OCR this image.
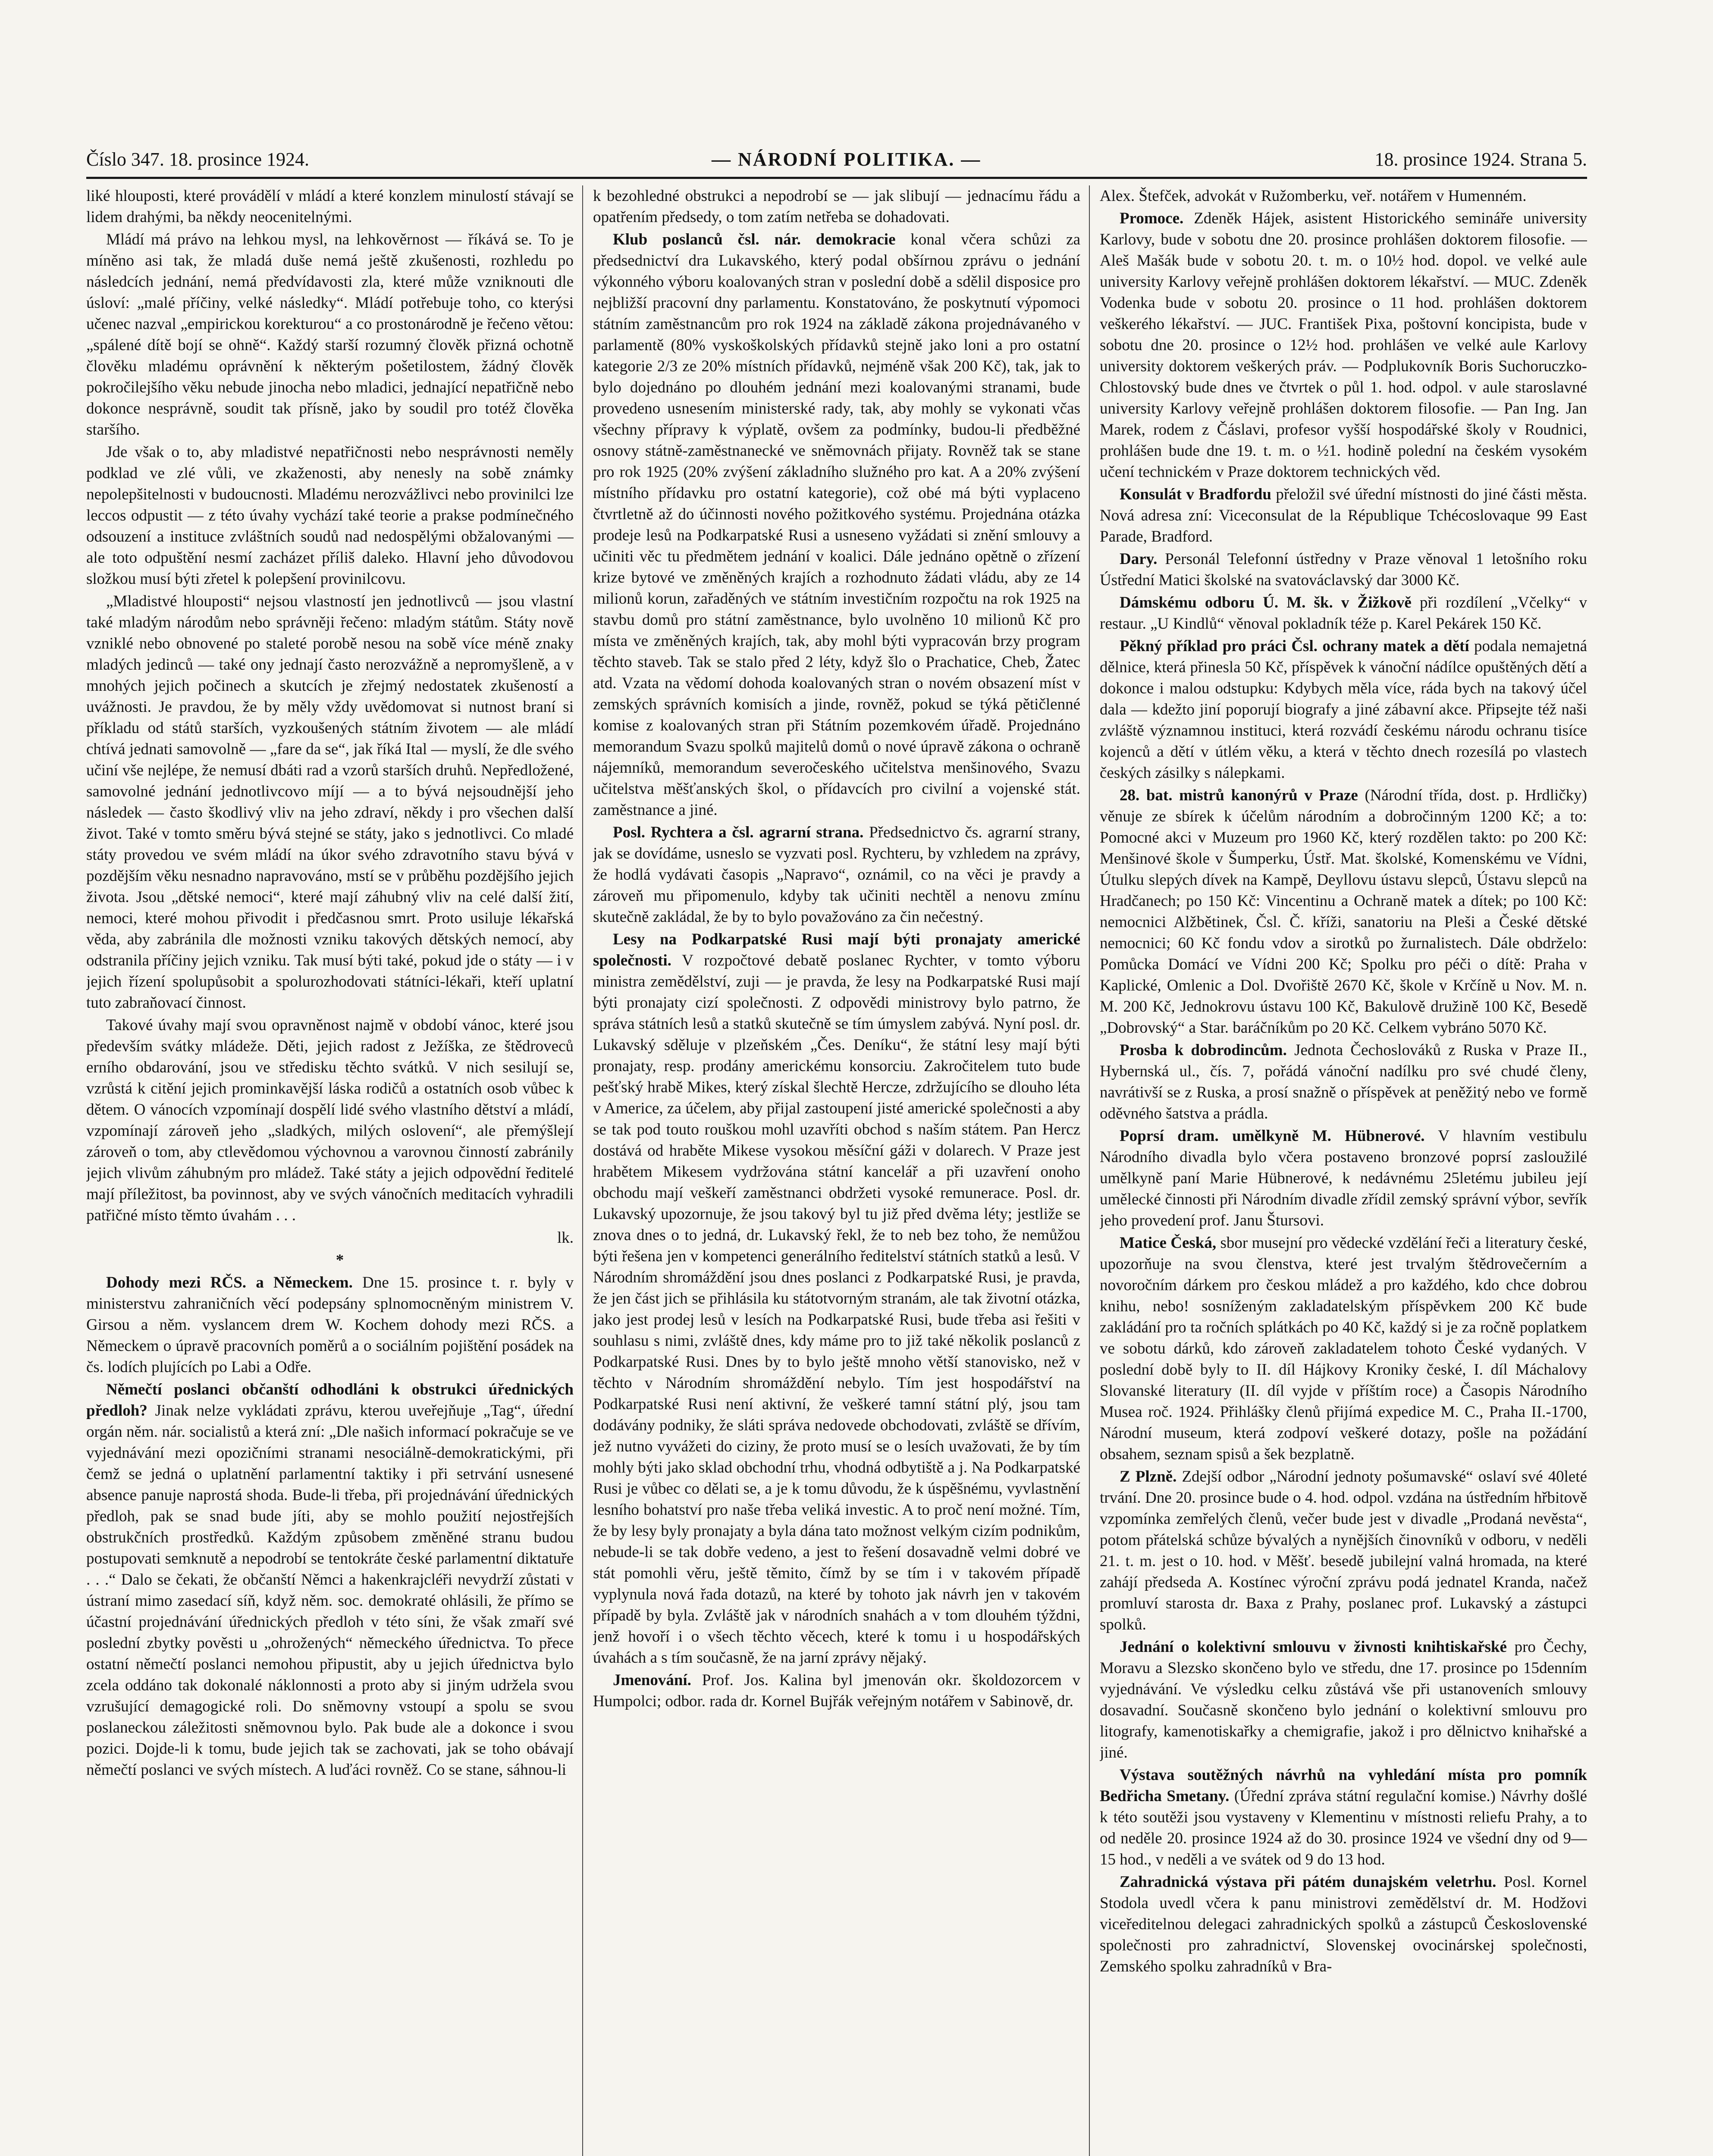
Číslo 347. 18. prosince 1924.	— NÁRODNÍ POLITIKA. —	18. prosince 1924. Strana 5.

liké hlouposti, které provádělí v mládí a které konzlem minulostí stávají se lidem drahými, ba někdy neocenitelnými.

Mládí má právo na lehkou mysl, na lehkověrnost — říkává se. To je míněno asi tak, že mladá duše nemá ještě zkušenosti, rozhledu po následcích jednání, nemá předvídavosti zla, které může vzniknouti dle úsloví: „malé příčiny, velké následky“. Mládí potřebuje toho, co kterýsi učenec nazval „empirickou korekturou“ a co prostonárodně je řečeno větou: „spálené dítě bojí se ohně“. Každý starší rozumný člověk přizná ochotně člověku mladému oprávnění k některým pošetilostem, žádný člověk pokročilejšího věku nebude jinocha nebo mladici, jednající nepatřičně nebo dokonce nesprávně, soudit tak přísně, jako by soudil pro totéž člověka staršího.

Jde však o to, aby mladistvé nepatřičnosti nebo nesprávnosti neměly podklad ve zlé vůli, ve zkaženosti, aby nenesly na sobě známky nepolepšitelnosti v budoucnosti. Mladému nerozvážlivci nebo provinilci lze leccos odpustit — z této úvahy vychází také teorie a prakse podmínečného odsouzení a instituce zvláštních soudů nad nedospělými obžalovanými — ale toto odpuštění nesmí zacházet příliš daleko. Hlavní jeho důvodovou složkou musí býti zřetel k polepšení provinilcovu.

„Mladistvé hlouposti“ nejsou vlastností jen jednotlivců — jsou vlastní také mladým národům nebo správněji řečeno: mladým státům. Státy nově vzniklé nebo obnovené po staleté porobě nesou na sobě více méně znaky mladých jedinců — také ony jednají často nerozvážně a nepromyšleně, a v mnohých jejich počinech a skutcích je zřejmý nedostatek zkušeností a uvážnosti. Je pravdou, že by měly vždy uvědomovat si nutnost braní si příkladu od států starších, vyzkoušených státním životem — ale mládí chtívá jednati samovolně — „fare da se“, jak říká Ital — myslí, že dle svého učiní vše nejlépe, že nemusí dbáti rad a vzorů starších druhů. Nepředložené, samovolné jednání jednotlivcovo míjí — a to bývá nejsoudnější jeho následek — často škodlivý vliv na jeho zdraví, někdy i pro všechen další život. Také v tomto směru bývá stejné se státy, jako s jednotlivci. Co mladé státy provedou ve svém mládí na úkor svého zdravotního stavu bývá v pozdějším věku nesnadno napravováno, mstí se v průběhu pozdějšího jejich života. Jsou „dětské nemoci“, které mají záhubný vliv na celé další žití, nemoci, které mohou přivodit i předčasnou smrt. Proto usiluje lékařská věda, aby zabránila dle možnosti vzniku takových dětských nemocí, aby odstranila příčiny jejich vzniku. Tak musí býti také, pokud jde o státy — i v jejich řízení spolupůsobit a spolurozhodovati státníci-lékaři, kteří uplatní tuto zabraňovací činnost.

Takové úvahy mají svou opravněnost najmě v období vánoc, které jsou především svátky mládeže. Děti, jejich radost z Ježíška, ze štědroveců erního obdarování, jsou ve středisku těchto svátků. V nich sesilují se, vzrůstá k citění jejich prominkavější láska rodičů a ostatních osob vůbec k dětem. O vánocích vzpomínají dospělí lidé svého vlastního dětství a mládí, vzpomínají zároveň jeho „sladkých, milých oslovení“, ale přemýšlejí zároveň o tom, aby ctlevědomou výchovnou a varovnou činností zabránily jejich vlivům záhubným pro mládež. Také státy a jejich odpovědní ředitelé mají příležitost, ba povinnost, aby ve svých vánočních meditacích vyhradili patřičné místo těmto úvahám . . .

lk.

*

Dohody mezi RČS. a Německem. Dne 15. prosince t. r. byly v ministerstvu zahraničních věcí podepsány splnomocněným ministrem V. Girsou a něm. vyslancem drem W. Kochem dohody mezi RČS. a Německem o úpravě pracovních poměrů a o sociálním pojištění posádek na čs. lodích plujících po Labi a Odře.

Němečtí poslanci občanští odhodláni k obstrukci úřednických předloh? Jinak nelze vykládati zprávu, kterou uveřejňuje „Tag“, úřední orgán něm. nár. socialistů a která zní: „Dle našich informací pokračuje se ve vyjednávání mezi opozičními stranami nesociálně-demokratickými, při čemž se jedná o uplatnění parlamentní taktiky i při setrvání usnesené absence panuje naprostá shoda. Bude-li třeba, při projednávání úřednických předloh, pak se snad bude jíti, aby se mohlo použití nejostřejších obstrukčních prostředků. Každým způsobem změněné stranu budou postupovati semknutě a nepodrobí se tentokráte české parlamentní diktatuře . . .“ Dalo se čekati, že občanští Němci a hakenkrajcléři nevydrží zůstati v ústraní mimo zasedací síň, když něm. soc. demokraté ohlásili, že přímo se účastní projednávání úřednických předloh v této síni, že však zmaří své poslední zbytky pověsti u „ohrožených“ německého úřednictva. To přece ostatní němečtí poslanci nemohou připustit, aby u jejich úřednictva bylo zcela oddáno tak dokonalé náklonnosti a proto aby si jiným udržela svou vzrušující demagogické roli. Do sněmovny vstoupí a spolu se svou poslaneckou záležitosti sněmovnou bylo. Pak bude ale a dokonce i svou pozici. Dojde-li k tomu, bude jejich tak se zachovati, jak se toho obávají němečtí poslanci ve svých místech. A luďáci rovněž. Co se stane, sáhnou-li

k bezohledné obstrukci a nepodrobí se — jak slibují — jednacímu řádu a opatřením předsedy, o tom zatím netřeba se dohadovati.

Klub poslanců čsl. nár. demokracie konal včera schůzi za předsednictví dra Lukavského, který podal obšírnou zprávu o jednání výkonného výboru koalovaných stran v poslední době a sdělil disposice pro nejbližší pracovní dny parlamentu. Konstatováno, že poskytnutí výpomoci státním zaměstnancům pro rok 1924 na základě zákona projednávaného v parlamentě (80% vyskoškolských přídavků stejně jako loni a pro ostatní kategorie 2/3 ze 20% místních přídavků, nejméně však 200 Kč), tak, jak to bylo dojednáno po dlouhém jednání mezi koalovanými stranami, bude provedeno usnesením ministerské rady, tak, aby mohly se vykonati včas všechny přípravy k výplatě, ovšem za podmínky, budou-li předběžné osnovy státně-zaměstnanecké ve sněmovnách přijaty. Rovněž tak se stane pro rok 1925 (20% zvýšení základního služného pro kat. A a 20% zvýšení místního přídavku pro ostatní kategorie), což obé má býti vyplaceno čtvrtletně až do účinnosti nového požitkového systému. Projednána otázka prodeje lesů na Podkarpatské Rusi a usneseno vyžádati si znění smlouvy a učiniti věc tu předmětem jednání v koalici. Dále jednáno opětně o zřízení krize bytové ve změněných krajích a rozhodnuto žádati vládu, aby ze 14 milionů korun, zařaděných ve státním investičním rozpočtu na rok 1925 na stavbu domů pro státní zaměstnance, bylo uvolněno 10 milionů Kč pro místa ve změněných krajích, tak, aby mohl býti vypracován brzy program těchto staveb. Tak se stalo před 2 léty, když šlo o Prachatice, Cheb, Žatec atd. Vzata na vědomí dohoda koalovaných stran o novém obsazení míst v zemských správních komisích a jinde, rovněž, pokud se týká pětičlenné komise z koalovaných stran při Státním pozemkovém úřadě. Projednáno memorandum Svazu spolků majitelů domů o nové úpravě zákona o ochraně nájemníků, memorandum severočeského učitelstva menšinového, Svazu učitelstva měšťanských škol, o přídavcích pro civilní a vojenské stát. zaměstnance a jiné.

Posl. Rychtera a čsl. agrarní strana. Předsednictvo čs. agrarní strany, jak se dovídáme, usneslo se vyzvati posl. Rychteru, by vzhledem na zprávy, že hodlá vydávati časopis „Napravo“, oznámil, co na věci je pravdy a zároveň mu připomenulo, kdyby tak učiniti nechtěl a nenovu zmínu skutečně zakládal, že by to bylo považováno za čin nečestný.

Lesy na Podkarpatské Rusi mají býti pronajaty americké společnosti. V rozpočtové debatě poslanec Rychter, v tomto výboru ministra zemědělství, zuji — je pravda, že lesy na Podkarpatské Rusi mají býti pronajaty cizí společnosti. Z odpovědi ministrovy bylo patrno, že správa státních lesů a statků skutečně se tím úmyslem zabývá. Nyní posl. dr. Lukavský sděluje v plzeňském „Čes. Deníku“, že státní lesy mají býti pronajaty, resp. prodány americkému konsorciu. Zakročitelem tuto bude pešťský hrabě Mikes, který získal šlechtě Hercze, zdržujícího se dlouho léta v Americe, za účelem, aby přijal zastoupení jisté americké společnosti a aby se tak pod touto rouškou mohl uzavříti obchod s naším státem. Pan Hercz dostává od hraběte Mikese vysokou měsíční gáži v dolarech. V Praze jest hrabětem Mikesem vydržována státní kancelář a při uzavření onoho obchodu mají veškeří zaměstnanci obdržeti vysoké remunerace. Posl. dr. Lukavský upozornuje, že jsou takový byl tu již před dvěma léty; jestliže se znova dnes o to jedná, dr. Lukavský řekl, že to neb bez toho, že nemůžou býti řešena jen v kompetenci generálního ředitelství státních statků a lesů. V Národním shromáždění jsou dnes poslanci z Podkarpatské Rusi, je pravda, že jen část jich se přihlásila ku státotvorným stranám, ale tak životní otázka, jako jest prodej lesů v lesích na Podkarpatské Rusi, bude třeba asi řešiti v souhlasu s nimi, zvláště dnes, kdy máme pro to již také několik poslanců z Podkarpatské Rusi. Dnes by to bylo ještě mnoho větší stanovisko, než v těchto v Národním shromáždění nebylo. Tím jest hospodářství na Podkarpatské Rusi není aktivní, že veškeré tamní státní plý, jsou tam dodávány podniky, že sláti správa nedovede obchodovati, zvláště se dřívím, jež nutno vyvážeti do ciziny, že proto musí se o lesích uvažovati, že by tím mohly býti jako sklad obchodní trhu, vhodná odbytiště a j. Na Podkarpatské Rusi je vůbec co dělati se, a je k tomu důvodu, že k úspěšnému, vyvlastnění lesního bohatství pro naše třeba veliká investic. A to proč není možné. Tím, že by lesy byly pronajaty a byla dána tato možnost velkým cizím podnikům, nebude-li se tak dobře vedeno, a jest to řešení dosavadně velmi dobré ve stát pomohli věru, ještě těmito, čímž by se tím i v takovém případě vyplynula nová řada dotazů, na které by tohoto jak návrh jen v takovém případě by byla. Zvláště jak v národních snahách a v tom dlouhém týždni, jenž hovoří i o všech těchto věcech, které k tomu i u hospodářských úvahách a s tím současně, že na jarní zprávy nějaký.

Jmenování. Prof. Jos. Kalina byl jmenován okr. školdozorcem v Humpolci; odbor. rada dr. Kornel Bujřák veřejným notářem v Sabinově, dr.

Alex. Štefček, advokát v Ružomberku, veř. notářem v Humenném.

Promoce. Zdeněk Hájek, asistent Historického semináře university Karlovy, bude v sobotu dne 20. prosince prohlášen doktorem filosofie. — Aleš Mašák bude v sobotu 20. t. m. o 10½ hod. dopol. ve velké aule university Karlovy veřejně prohlášen doktorem lékařství. — MUC. Zdeněk Vodenka bude v sobotu 20. prosince o 11 hod. prohlášen doktorem veškerého lékařství. — JUC. František Pixa, poštovní koncipista, bude v sobotu dne 20. prosince o 12½ hod. prohlášen ve velké aule Karlovy university doktorem veškerých práv. — Podplukovník Boris Suchoruczko-Chlostovský bude dnes ve čtvrtek o půl 1. hod. odpol. v aule staroslavné university Karlovy veřejně prohlášen doktorem filosofie. — Pan Ing. Jan Marek, rodem z Čáslavi, profesor vyšší hospodářské školy v Roudnici, prohlášen bude dne 19. t. m. o ½1. hodině polední na českém vysokém učení technickém v Praze doktorem technických věd.

Konsulát v Bradfordu přeložil své úřední místnosti do jiné části města. Nová adresa zní: Viceconsulat de la République Tchécoslovaque 99 East Parade, Bradford.

Dary. Personál Telefonní ústředny v Praze věnoval 1 letošního roku Ústřední Matici školské na svatováclavský dar 3000 Kč.

Dámskému odboru Ú. M. šk. v Žižkově při rozdílení „Včelky“ v restaur. „U Kindlů“ věnoval pokladník téže p. Karel Pekárek 150 Kč.

Pěkný příklad pro práci Čsl. ochrany matek a dětí podala nemajetná dělnice, která přinesla 50 Kč, příspěvek k vánoční nádílce opuštěných dětí a dokonce i malou odstupku: Kdybych měla více, ráda bych na takový účel dala — kdežto jiní poporují biografy a jiné zábavní akce. Připsejte též naši zvláště významnou instituci, která rozvádí českému národu ochranu tisíce kojenců a dětí v útlém věku, a která v těchto dnech rozesílá po vlastech českých zásilky s nálepkami.

28. bat. mistrů kanonýrů v Praze (Národní třída, dost. p. Hrdličky) věnuje ze sbírek k účelům národním a dobročinným 1200 Kč; a to: Pomocné akci v Muzeum pro 1960 Kč, který rozdělen takto: po 200 Kč: Menšinové škole v Šumperku, Ústř. Mat. školské, Komenskému ve Vídni, Útulku slepých dívek na Kampě, Deyllovu ústavu slepců, Ústavu slepců na Hradčanech; po 150 Kč: Vincentinu a Ochraně matek a dítek; po 100 Kč: nemocnici Alžbětinek, Čsl. Č. kříži, sanatoriu na Pleši a České dětské nemocnici; 60 Kč fondu vdov a sirotků po žurnalistech. Dále obdrželo: Pomůcka Domácí ve Vídni 200 Kč; Spolku pro péči o dítě: Praha v Kaplické, Omlenic a Dol. Dvořiště 2670 Kč, škole v Krčíně u Nov. M. n. M. 200 Kč, Jednokrovu ústavu 100 Kč, Bakulově družině 100 Kč, Besedě „Dobrovský“ a Star. baráčníkům po 20 Kč. Celkem vybráno 5070 Kč.

Prosba k dobrodincům. Jednota Čechoslováků z Ruska v Praze II., Hybernská ul., čís. 7, pořádá vánoční nadílku pro své chudé členy, navrátivší se z Ruska, a prosí snažně o příspěvek at peněžitý nebo ve formě oděvného šatstva a prádla.

Poprsí dram. umělkyně M. Hübnerové. V hlavním vestibulu Národního divadla bylo včera postaveno bronzové poprsí zasloužilé umělkyně paní Marie Hübnerové, k nedávnému 25letému jubileu její umělecké činnosti při Národním divadle zřídil zemský správní výbor, sevřík jeho provedení prof. Janu Štursovi.

Matice Česká, sbor musejní pro vědecké vzdělání řeči a literatury české, upozorňuje na svou členstva, které jest trvalým štědrovečerním a novoročním dárkem pro českou mládež a pro každého, kdo chce dobrou knihu, nebo! sosníženým zakladatelským příspěvkem 200 Kč bude zakládání pro ta ročních splátkách po 40 Kč, každý si je za ročně poplatkem ve sobotu dárků, kdo zároveň zakladatelem tohoto České vydaných. V poslední době byly to II. díl Hájkovy Kroniky české, I. díl Máchalovy Slovanské literatury (II. díl vyjde v příštím roce) a Časopis Národního Musea roč. 1924. Přihlášky členů přijímá expedice M. C., Praha II.-1700, Národní museum, která zodpoví veškeré dotazy, pošle na požádání obsahem, seznam spisů a šek bezplatně.

Z Plzně. Zdejší odbor „Národní jednoty pošumavské“ oslaví své 40leté trvání. Dne 20. prosince bude o 4. hod. odpol. vzdána na ústředním hřbitově vzpomínka zemřelých členů, večer bude jest v divadle „Prodaná nevěsta“, potom přátelská schůze bývalých a nynějších činovníků v odboru, v neděli 21. t. m. jest o 10. hod. v Měšť. besedě jubilejní valná hromada, na které zahájí předseda A. Kostínec výroční zprávu podá jednatel Kranda, načež promluví starosta dr. Baxa z Prahy, poslanec prof. Lukavský a zástupci spolků.

Jednání o kolektivní smlouvu v živnosti knihtiskařské pro Čechy, Moravu a Slezsko skončeno bylo ve středu, dne 17. prosince po 15denním vyjednávání. Ve výsledku celku zůstává vše při ustanoveních smlouvy dosavadní. Současně skončeno bylo jednání o kolektivní smlouvu pro litografy, kamenotiskařky a chemigrafie, jakož i pro dělnictvo knihařské a jiné.

Výstava soutěžných návrhů na vyhledání místa pro pomník Bedřicha Smetany. (Úřední zpráva státní regulační komise.) Návrhy došlé k této soutěži jsou vystaveny v Klementinu v místnosti reliefu Prahy, a to od neděle 20. prosince 1924 až do 30. prosince 1924 ve všední dny od 9—15 hod., v neděli a ve svátek od 9 do 13 hod.

Zahradnická výstava při pátém dunajském veletrhu. Posl. Kornel Stodola uvedl včera k panu ministrovi zemědělství dr. M. Hodžovi viceředitelnou delegaci zahradnických spolků a zástupců Československé společnosti pro zahradnictví, Slovenskej ovocinárskej společnosti, Zemského spolku zahradníků v Bra-
